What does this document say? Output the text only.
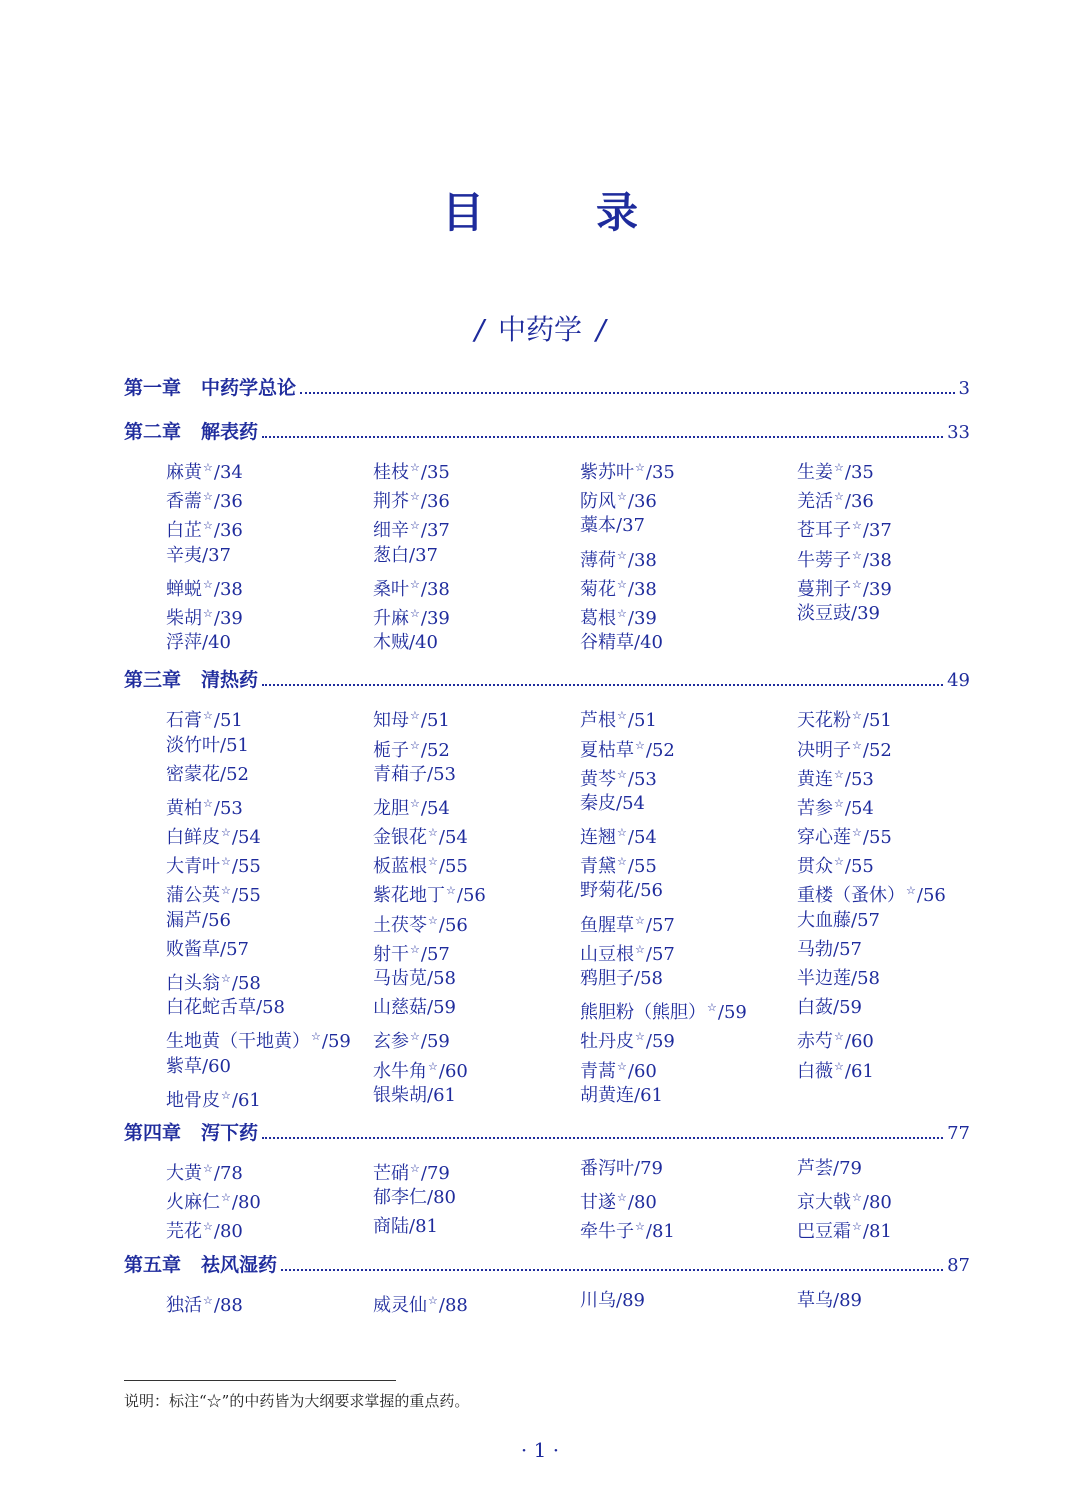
目	录
/ 中药学 /
第一章 中药学总论	3
第二章 解表药	33
麻黄☆/34	桂枝☆/35	紫苏叶☆/35	生姜☆/35
香薷☆/36	荆芥☆/36	防风☆/36	羌活☆/36
白芷☆/36	细辛☆/37	藁本/37	苍耳子☆/37
辛夷/37	葱白/37	薄荷☆/38	牛蒡子☆/38
蝉蜕☆/38	桑叶☆/38	菊花☆/38	蔓荆子☆/39
柴胡☆/39	升麻☆/39	葛根☆/39	淡豆豉/39
浮萍/40	木贼/40	谷精草/40
第三章 清热药	49
石膏☆/51	知母☆/51	芦根☆/51	天花粉☆/51
淡竹叶/51	栀子☆/52	夏枯草☆/52	决明子☆/52
密蒙花/52	青葙子/53	黄芩☆/53	黄连☆/53
黄柏☆/53	龙胆☆/54	秦皮/54	苦参☆/54
白鲜皮☆/54	金银花☆/54	连翘☆/54	穿心莲☆/55
大青叶☆/55	板蓝根☆/55	青黛☆/55	贯众☆/55
蒲公英☆/55	紫花地丁☆/56	野菊花/56	重楼（蚤休）☆/56
漏芦/56	土茯苓☆/56	鱼腥草☆/57	大血藤/57
败酱草/57	射干☆/57	山豆根☆/57	马勃/57
白头翁☆/58	马齿苋/58	鸦胆子/58	半边莲/58
白花蛇舌草/58	山慈菇/59	熊胆粉（熊胆）☆/59	白蔹/59
生地黄（干地黄）☆/59	玄参☆/59	牡丹皮☆/59	赤芍☆/60
紫草/60	水牛角☆/60	青蒿☆/60	白薇☆/61
地骨皮☆/61	银柴胡/61	胡黄连/61
第四章 泻下药	77
大黄☆/78	芒硝☆/79	番泻叶/79	芦荟/79
火麻仁☆/80	郁李仁/80	甘遂☆/80	京大戟☆/80
芫花☆/80	商陆/81	牵牛子☆/81	巴豆霜☆/81
第五章 祛风湿药	87
独活☆/88	威灵仙☆/88	川乌/89	草乌/89
说明：标注“☆”的中药皆为大纲要求掌握的重点药。
· 1 ·
